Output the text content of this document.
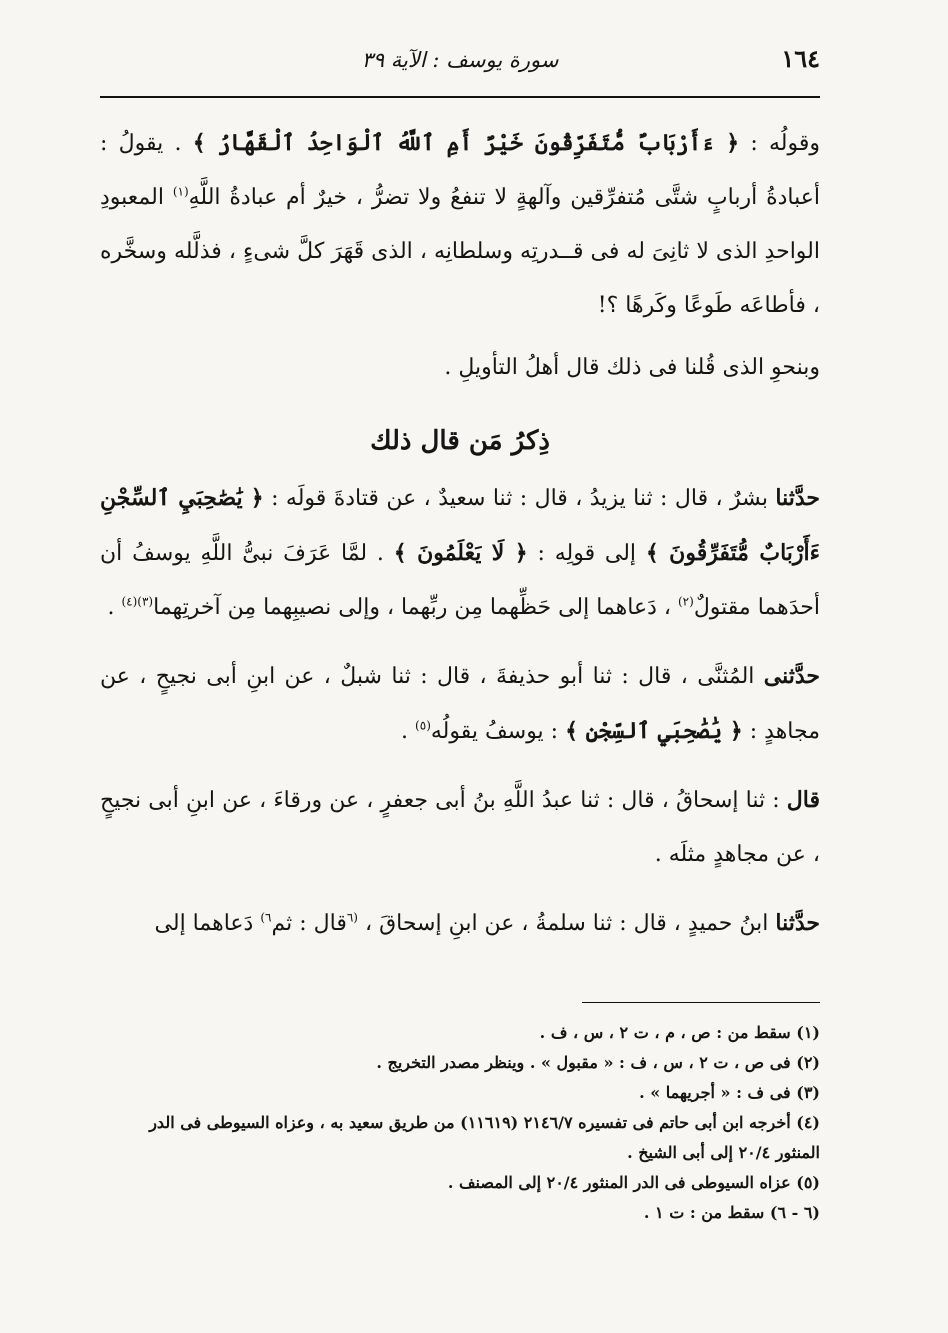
١٦٤
سورة يوسف : الآية ٣٩

وقولُه : ﴿ ءَأَرْبَابٌ مُّتَفَرِّقُونَ خَيْرٌ أَمِ ٱللَّهُ ٱلْوَاحِدُ ٱلْقَهَّارُ ﴾ . يقولُ : أعبادةُ أربابٍ شتَّى مُتفرِّقين وآلهةٍ لا تنفعُ ولا تضرُّ ، خيرٌ أم عبادةُ اللَّهِ$^{(١)}$ المعبودِ الواحدِ الذى لا ثانِىَ له فى قــدرتِه وسلطانِه ، الذى قَهَرَ كلَّ شىءٍ ، فذلَّله وسخَّره ، فأطاعَه طَوعًا وكَرهًا ؟!

وبنحوِ الذى قُلنا فى ذلك قال أهلُ التأويلِ .

ذِكرُ مَن قال ذلك

حدَّثنا بشرٌ ، قال : ثنا يزيدُ ، قال : ثنا سعيدٌ ، عن قتادةَ قولَه : ﴿ يَٰصَٰحِبَيِ ٱلسِّجْنِ ءَأَرْبَابٌ مُّتَفَرِّقُونَ ﴾ إلى قولِه : ﴿ لَا يَعْلَمُونَ ﴾ . لمَّا عَرَفَ نبىُّ اللَّهِ يوسفُ أن أحدَهما مقتولٌ$^{(٢)}$ ، دَعاهما إلى حَظِّهما مِن ربِّهما ، وإلى نصيبِهما مِن آخرتِهما$^{(٣)(٤)}$ .

حدَّثنى المُثنَّى ، قال : ثنا أبو حذيفةَ ، قال : ثنا شبلٌ ، عن ابنِ أبى نجيحٍ ، عن مجاهدٍ : ﴿ يَٰصَٰحِبَيِ ٱلسِّجْنِ ﴾ : يوسفُ يقولُه$^{(٥)}$ .

قال : ثنا إسحاقُ ، قال : ثنا عبدُ اللَّهِ بنُ أبى جعفرٍ ، عن ورقاءَ ، عن ابنِ أبى نجيحٍ ، عن مجاهدٍ مثلَه .

حدَّثنا ابنُ حميدٍ ، قال : ثنا سلمةُ ، عن ابنِ إسحاقَ ، $^{(٦}$قال : ثم$^{٦)}$ دَعاهما إلى

(١) سقط من : ص ، م ، ت ٢ ، س ، ف .

(٢) فى ص ، ت ٢ ، س ، ف : « مقبول » . وينظر مصدر التخريج .

(٣) فى ف : « أجريهما » .

(٤) أخرجه ابن أبى حاتم فى تفسيره ٢١٤٦/٧ (١١٦١٩) من طريق سعيد به ، وعزاه السيوطى فى الدر المنثور ٢٠/٤ إلى أبى الشيخ .

(٥) عزاه السيوطى فى الدر المنثور ٢٠/٤ إلى المصنف .

(٦ - ٦) سقط من : ت ١ .
